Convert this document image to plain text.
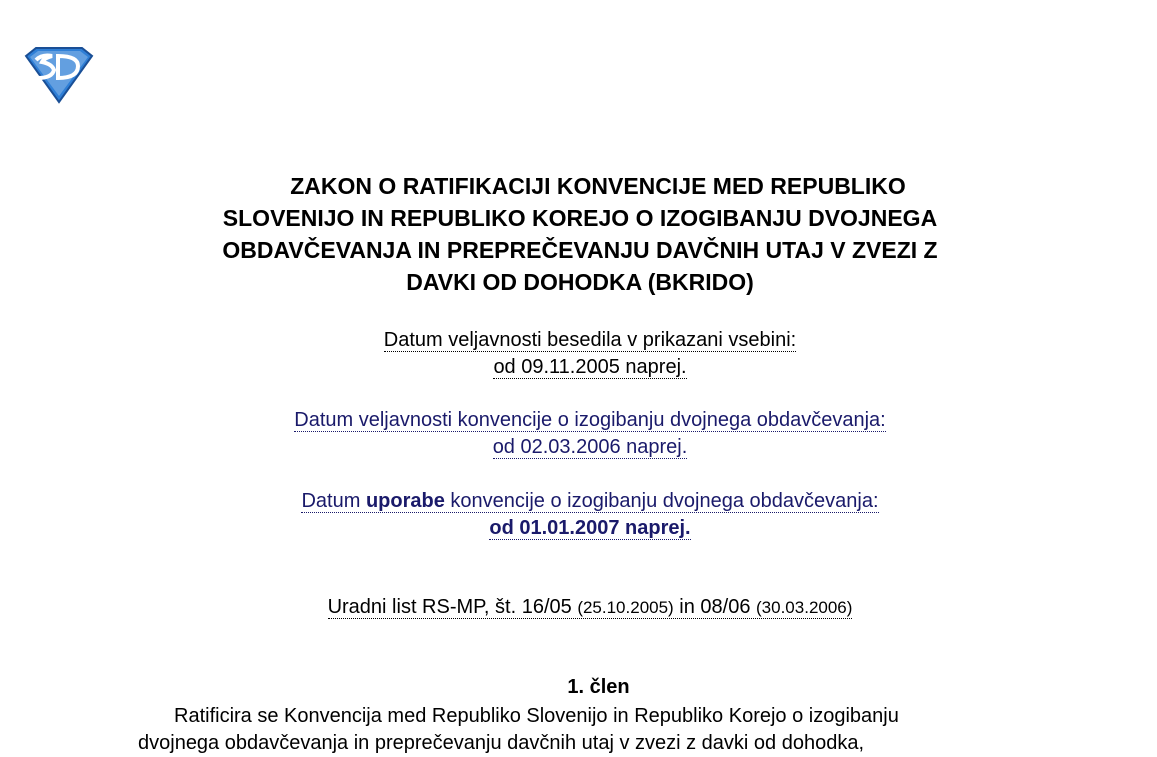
ZAKON O RATIFIKACIJI KONVENCIJE MED REPUBLIKO
SLOVENIJO IN REPUBLIKO KOREJO O IZOGIBANJU DVOJNEGA
OBDAVČEVANJA IN PREPREČEVANJU DAVČNIH UTAJ V ZVEZI Z
DAVKI OD DOHODKA (BKRIDO)
Datum veljavnosti besedila v prikazani vsebini:
od 09.11.2005 naprej.
Datum veljavnosti konvencije o izogibanju dvojnega obdavčevanja:
od 02.03.2006 naprej.
Datum uporabe konvencije o izogibanju dvojnega obdavčevanja:
od 01.01.2007 naprej.
Uradni list RS-MP, št. 16/05 (25.10.2005) in 08/06 (30.03.2006)
1. člen
Ratificira se Konvencija med Republiko Slovenijo in Republiko Korejo o izogibanju
dvojnega obdavčevanja in preprečevanju davčnih utaj v zvezi z davki od dohodka,
